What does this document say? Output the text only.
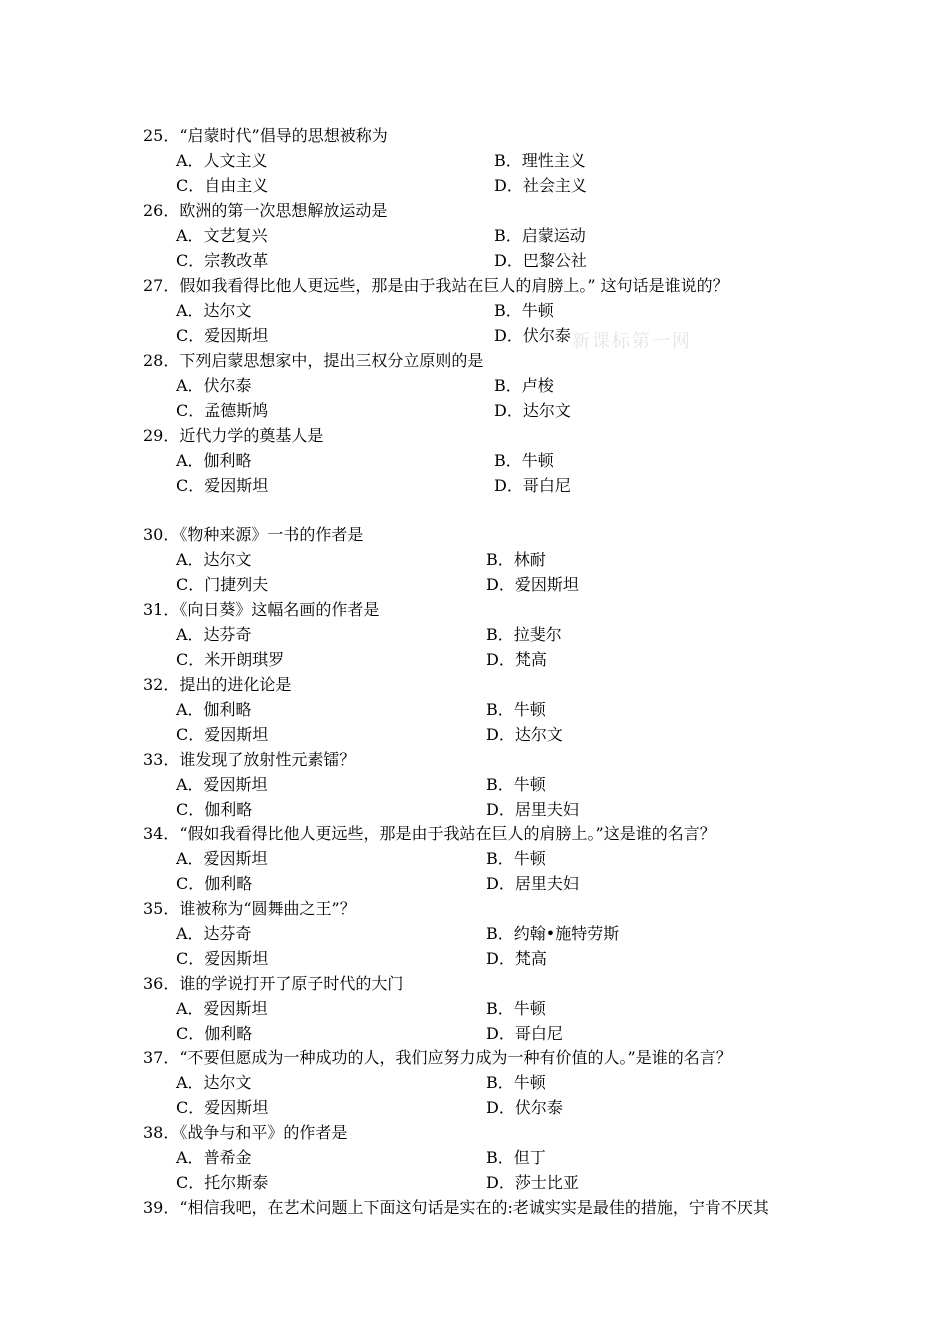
新课标第一网
25．“启蒙时代”倡导的思想被称为
A．人文主义	B．理性主义
C．自由主义	D．社会主义
26．欧洲的第一次思想解放运动是
A．文艺复兴	B．启蒙运动
C．宗教改革	D．巴黎公社
27．假如我看得比他人更远些，那是由于我站在巨人的肩膀上。” 这句话是谁说的？
A．达尔文	B．牛顿
C．爱因斯坦	D．伏尔泰
28．下列启蒙思想家中，提出三权分立原则的是
A．伏尔泰	B．卢梭
C．孟德斯鸠	D．达尔文
29．近代力学的奠基人是
A．伽利略	B．牛顿
C．爱因斯坦	D．哥白尼
30．《物种来源》一书的作者是
A．达尔文	B．林耐
C．门捷列夫	D．爱因斯坦
31．《向日葵》这幅名画的作者是
A．达芬奇	B．拉斐尔
C．米开朗琪罗	D．梵高
32．提出的进化论是
A．伽利略	B．牛顿
C．爱因斯坦	D．达尔文
33．谁发现了放射性元素镭？
A．爱因斯坦	B．牛顿
C．伽利略	D．居里夫妇
34．“假如我看得比他人更远些，那是由于我站在巨人的肩膀上。”这是谁的名言？
A．爱因斯坦	B．牛顿
C．伽利略	D．居里夫妇
35．谁被称为“圆舞曲之王”？
A．达芬奇	B．约翰•施特劳斯
C．爱因斯坦	D．梵高
36．谁的学说打开了原子时代的大门
A．爱因斯坦	B．牛顿
C．伽利略	D．哥白尼
37．“不要但愿成为一种成功的人，我们应努力成为一种有价值的人。”是谁的名言？
A．达尔文	B．牛顿
C．爱因斯坦	D．伏尔泰
38．《战争与和平》的作者是
A．普希金	B．但丁
C．托尔斯泰	D．莎士比亚
39．“相信我吧，在艺术问题上下面这句话是实在的:老诚实实是最佳的措施，宁肯不厌其
